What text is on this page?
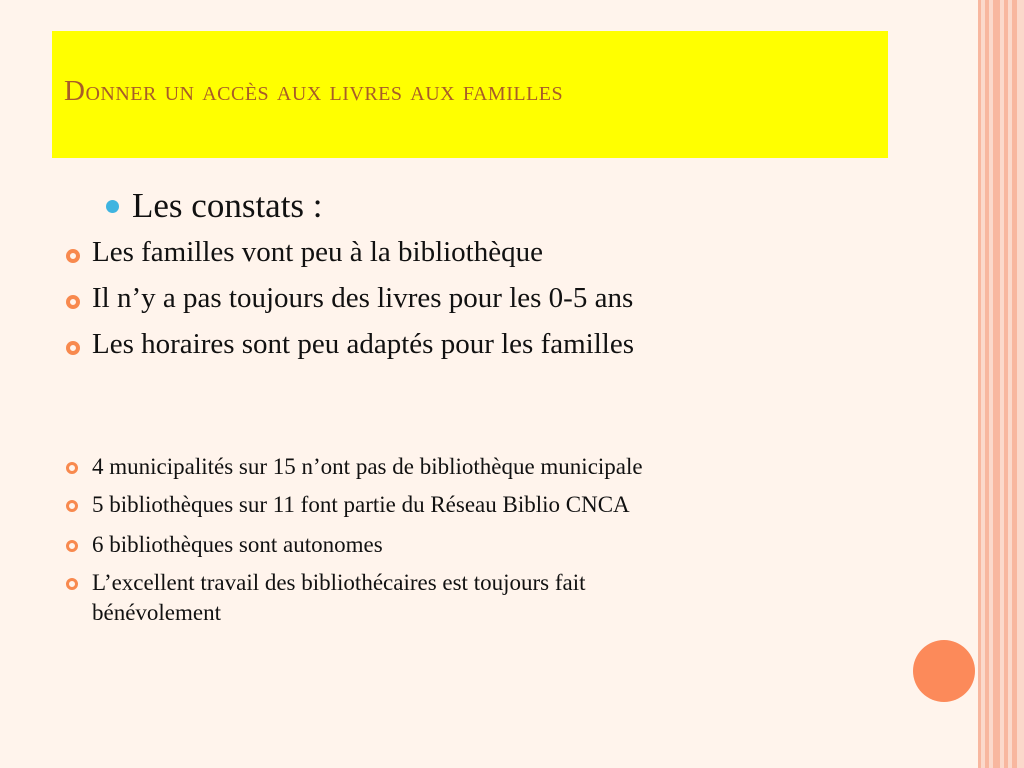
Donner un accès aux livres aux familles
Les constats :
Les familles vont peu à la bibliothèque
Il n’y a pas toujours des livres pour les 0-5 ans
Les horaires sont peu adaptés pour les familles
4 municipalités sur 15 n’ont pas de bibliothèque municipale
5 bibliothèques sur 11 font partie du Réseau Biblio CNCA
6 bibliothèques sont autonomes
L’excellent travail des bibliothécaires est toujours fait
bénévolement
